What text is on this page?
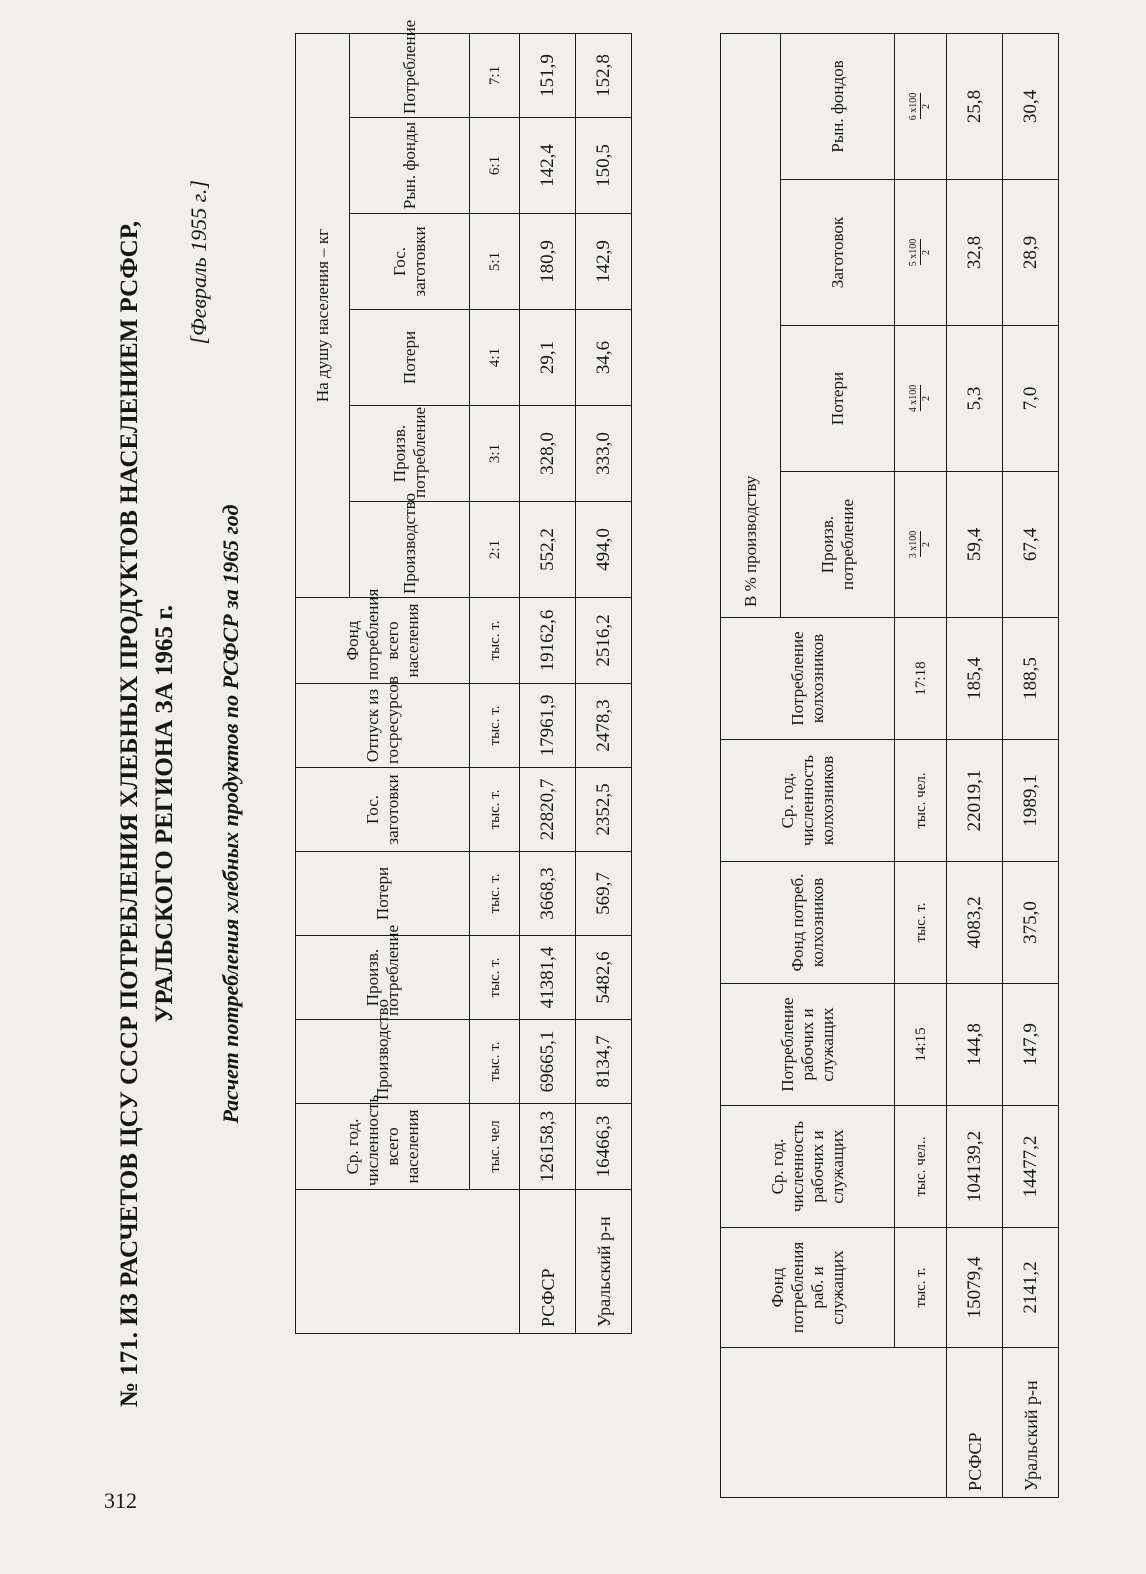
312
№ 171. ИЗ РАСЧЕТОВ ЦСУ СССР ПОТРЕБЛЕНИЯ ХЛЕБНЫХ ПРОДУКТОВ НАСЕЛЕНИЕМ РСФСР, УРАЛЬСКОГО РЕГИОНА ЗА 1965 г.
[Февраль 1955 г.]
Расчет потребления хлебных продуктов по РСФСР за 1965 год
	Ср. год. численность всего населения	Производство	Произв. потребление	Потери	Гос. заготовки	Отпуск из госресурсов	Фонд потребления всего населения	На душу населения – кг					
								Производство	Произв. потребление	Потери	Гос. заготовки	Рын. фонды	Потребление
	тыс. чел	тыс. т.	тыс. т.	тыс. т.	тыс. т.	тыс. т.	тыс. т.	2:1	3:1	4:1	5:1	6:1	7:1
РСФСР	126158,3	69665,1	41381,4	3668,3	22820,7	17961,9	19162,6	552,2	328,0	29,1	180,9	142,4	151,9
Уральский р-н	16466,3	8134,7	5482,6	569,7	2352,5	2478,3	2516,2	494,0	333,0	34,6	142,9	150,5	152,8
	Фонд потребления раб. и служащих	Ср. год. численность рабочих и служащих	Потребление рабочих и служащих	Фонд потреб. колхозников	Ср. год. численность колхозников	Потребление колхозников	В % производству			
							Произв. потребление	Потери	Заготовок	Рын. фондов
	тыс. т.	тыс. чел..	14:15	тыс. т.	тыс. чел.	17:18	3 х100 2	4 х100 2	5 х100 2	6 х100 2

РСФСР	15079,4	104139,2	144,8	4083,2	22019,1	185,4	59,4	5,3	32,8	25,8
Уральский р-н	2141,2	14477,2	147,9	375,0	1989,1	188,5	67,4	7,0	28,9	30,4
